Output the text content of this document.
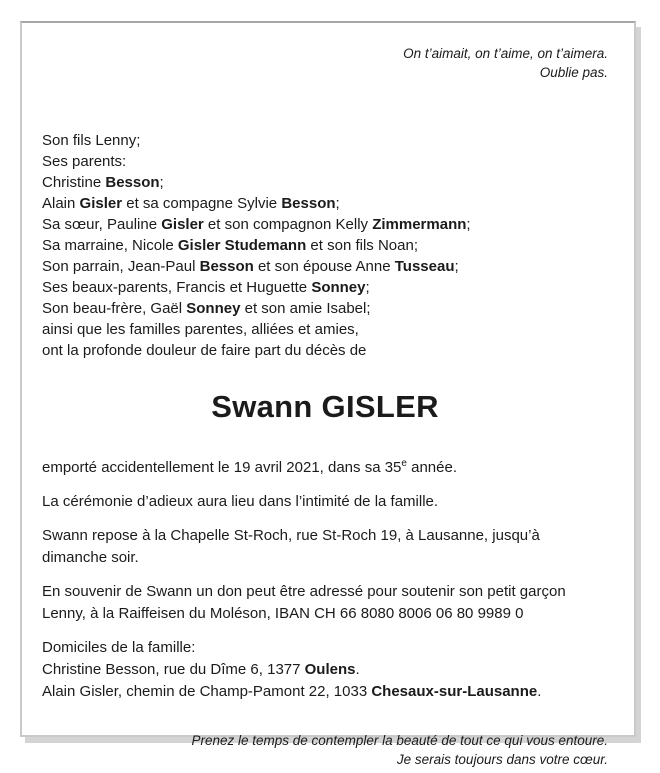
On t’aimait, on t’aime, on t’aimera.
Oublie pas.
Son fils Lenny;
Ses parents:
Christine Besson;
Alain Gisler et sa compagne Sylvie Besson;
Sa sœur, Pauline Gisler et son compagnon Kelly Zimmermann;
Sa marraine, Nicole Gisler Studemann et son fils Noan;
Son parrain, Jean-Paul Besson et son épouse Anne Tusseau;
Ses beaux-parents, Francis et Huguette Sonney;
Son beau-frère, Gaël Sonney et son amie Isabel;
ainsi que les familles parentes, alliées et amies,
ont la profonde douleur de faire part du décès de
Swann GISLER

emporté accidentellement le 19 avril 2021, dans sa 35e année.

La cérémonie d’adieux aura lieu dans l’intimité de la famille.

Swann repose à la Chapelle St-Roch, rue St-Roch 19, à Lausanne, jusqu’à dimanche soir.

En souvenir de Swann un don peut être adressé pour soutenir son petit garçon Lenny, à la Raiffeisen du Moléson, IBAN CH 66 8080 8006 06 80 9989 0

Domiciles de la famille:
Christine Besson, rue du Dîme 6, 1377 Oulens.
Alain Gisler, chemin de Champ-Pamont 22, 1033 Chesaux-sur-Lausanne.

Prenez le temps de contempler la beauté de tout ce qui vous entoure.
Je serais toujours dans votre cœur.
